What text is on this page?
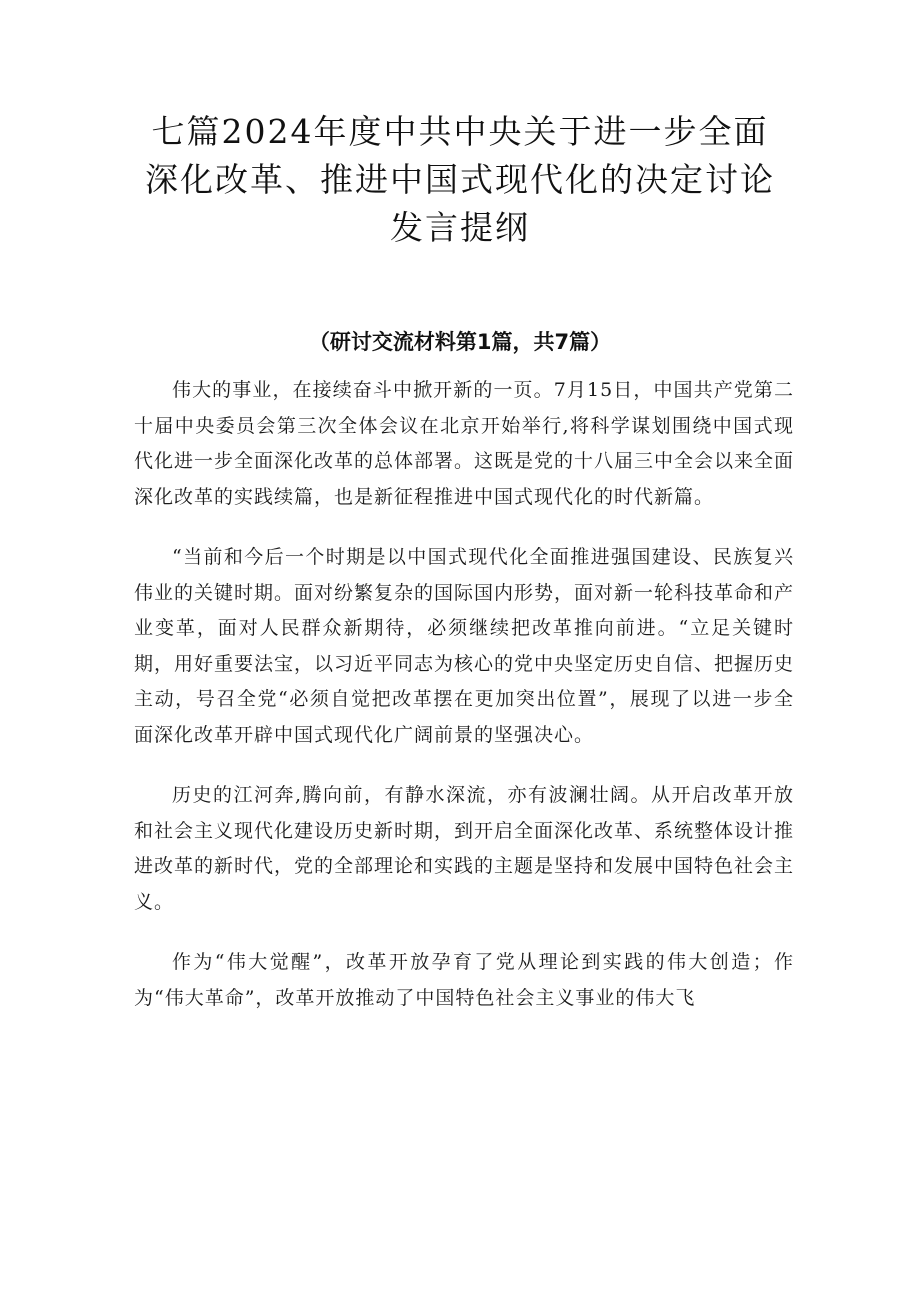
七篇2024年度中共中央关于进一步全面深化改革、推进中国式现代化的决定讨论发言提纲
（研讨交流材料第1篇，共7篇）

伟大的事业，在接续奋斗中掀开新的一页。7月15日，中国共产党第二十届中央委员会第三次全体会议在北京开始举行,将科学谋划围绕中国式现代化进一步全面深化改革的总体部署。这既是党的十八届三中全会以来全面深化改革的实践续篇，也是新征程推进中国式现代化的时代新篇。

“当前和今后一个时期是以中国式现代化全面推进强国建设、民族复兴伟业的关键时期。面对纷繁复杂的国际国内形势，面对新一轮科技革命和产业变革，面对人民群众新期待，必须继续把改革推向前进。“立足关键时期，用好重要法宝，以习近平同志为核心的党中央坚定历史自信、把握历史主动，号召全党“必须自觉把改革摆在更加突出位置”，展现了以进一步全面深化改革开辟中国式现代化广阔前景的坚强决心。

历史的江河奔,腾向前，有静水深流，亦有波澜壮阔。从开启改革开放和社会主义现代化建设历史新时期，到开启全面深化改革、系统整体设计推进改革的新时代，党的全部理论和实践的主题是坚持和发展中国特色社会主义。

作为“伟大觉醒”，改革开放孕育了党从理论到实践的伟大创造；作为“伟大革命”，改革开放推动了中国特色社会主义事业的伟大飞
